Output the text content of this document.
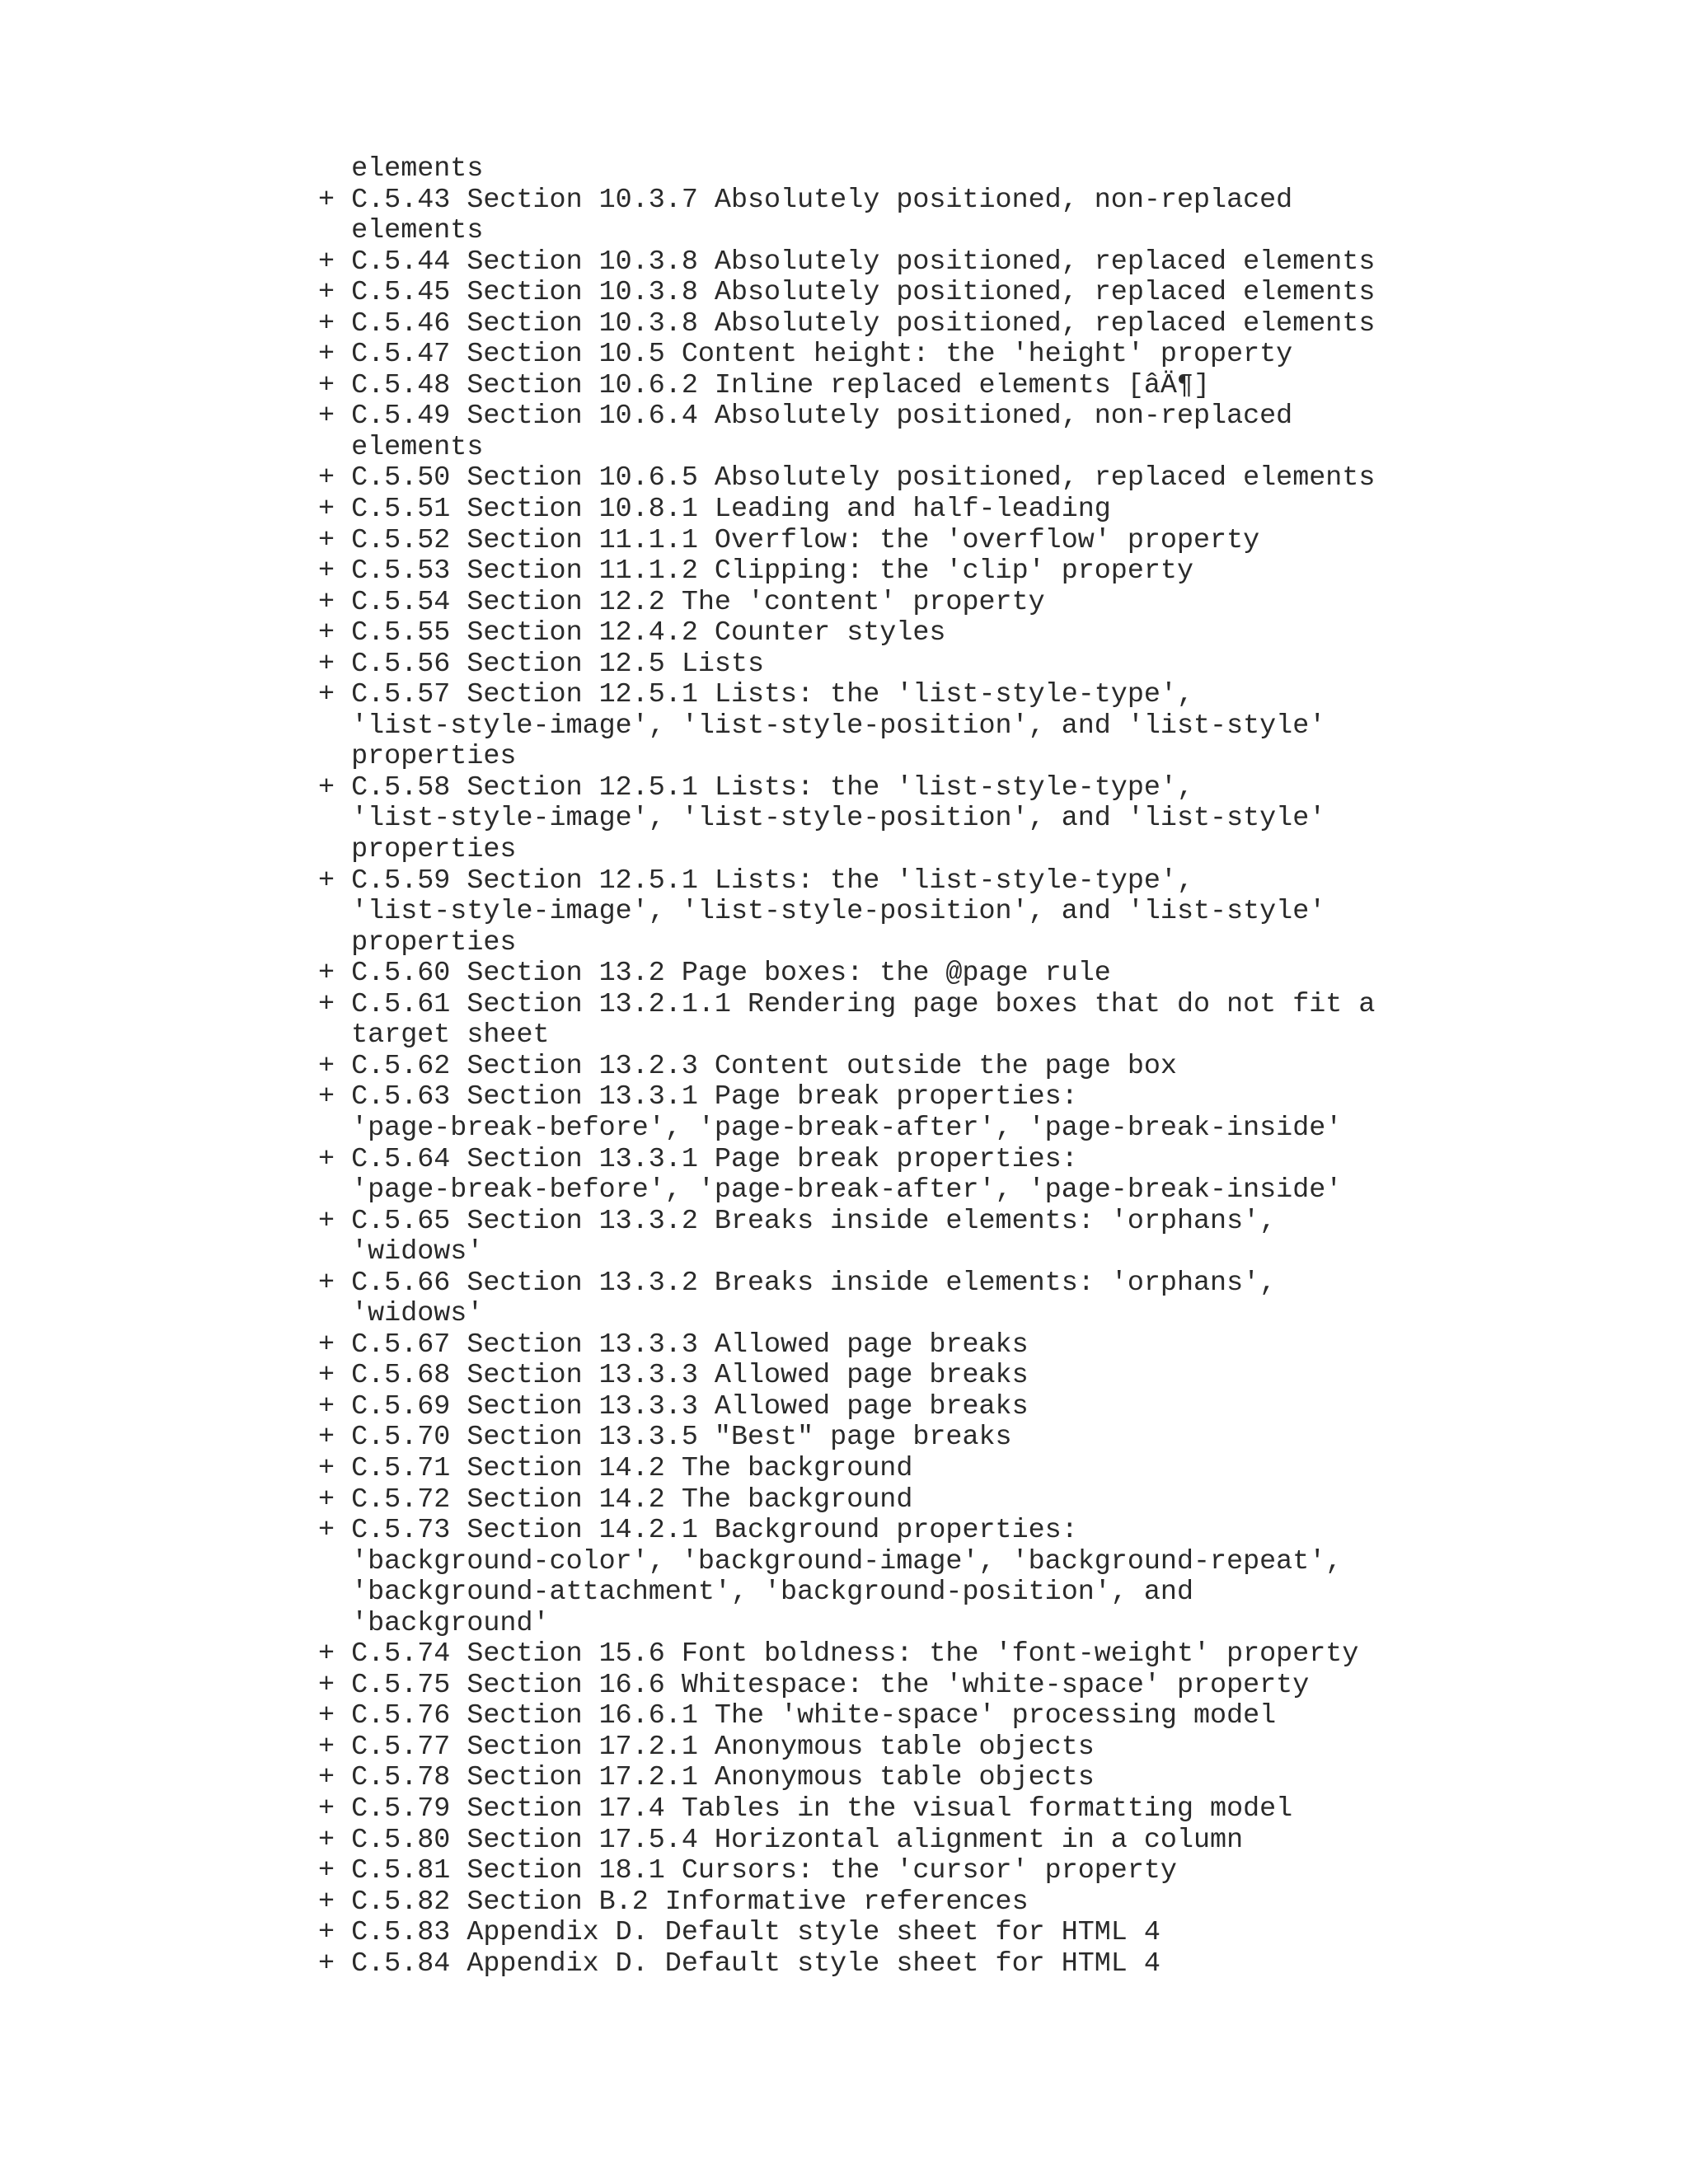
elements
+ C.5.43 Section 10.3.7 Absolutely positioned, non-replaced
elements
+ C.5.44 Section 10.3.8 Absolutely positioned, replaced elements
+ C.5.45 Section 10.3.8 Absolutely positioned, replaced elements
+ C.5.46 Section 10.3.8 Absolutely positioned, replaced elements
+ C.5.47 Section 10.5 Content height: the 'height' property
+ C.5.48 Section 10.6.2 Inline replaced elements [âÄ¶]
+ C.5.49 Section 10.6.4 Absolutely positioned, non-replaced
elements
+ C.5.50 Section 10.6.5 Absolutely positioned, replaced elements
+ C.5.51 Section 10.8.1 Leading and half-leading
+ C.5.52 Section 11.1.1 Overflow: the 'overflow' property
+ C.5.53 Section 11.1.2 Clipping: the 'clip' property
+ C.5.54 Section 12.2 The 'content' property
+ C.5.55 Section 12.4.2 Counter styles
+ C.5.56 Section 12.5 Lists
+ C.5.57 Section 12.5.1 Lists: the 'list-style-type',
'list-style-image', 'list-style-position', and 'list-style'
properties
+ C.5.58 Section 12.5.1 Lists: the 'list-style-type',
'list-style-image', 'list-style-position', and 'list-style'
properties
+ C.5.59 Section 12.5.1 Lists: the 'list-style-type',
'list-style-image', 'list-style-position', and 'list-style'
properties
+ C.5.60 Section 13.2 Page boxes: the @page rule
+ C.5.61 Section 13.2.1.1 Rendering page boxes that do not fit a
target sheet
+ C.5.62 Section 13.2.3 Content outside the page box
+ C.5.63 Section 13.3.1 Page break properties:
'page-break-before', 'page-break-after', 'page-break-inside'
+ C.5.64 Section 13.3.1 Page break properties:
'page-break-before', 'page-break-after', 'page-break-inside'
+ C.5.65 Section 13.3.2 Breaks inside elements: 'orphans',
'widows'
+ C.5.66 Section 13.3.2 Breaks inside elements: 'orphans',
'widows'
+ C.5.67 Section 13.3.3 Allowed page breaks
+ C.5.68 Section 13.3.3 Allowed page breaks
+ C.5.69 Section 13.3.3 Allowed page breaks
+ C.5.70 Section 13.3.5 "Best" page breaks
+ C.5.71 Section 14.2 The background
+ C.5.72 Section 14.2 The background
+ C.5.73 Section 14.2.1 Background properties:
'background-color', 'background-image', 'background-repeat',
'background-attachment', 'background-position', and
'background'
+ C.5.74 Section 15.6 Font boldness: the 'font-weight' property
+ C.5.75 Section 16.6 Whitespace: the 'white-space' property
+ C.5.76 Section 16.6.1 The 'white-space' processing model
+ C.5.77 Section 17.2.1 Anonymous table objects
+ C.5.78 Section 17.2.1 Anonymous table objects
+ C.5.79 Section 17.4 Tables in the visual formatting model
+ C.5.80 Section 17.5.4 Horizontal alignment in a column
+ C.5.81 Section 18.1 Cursors: the 'cursor' property
+ C.5.82 Section B.2 Informative references
+ C.5.83 Appendix D. Default style sheet for HTML 4
+ C.5.84 Appendix D. Default style sheet for HTML 4
